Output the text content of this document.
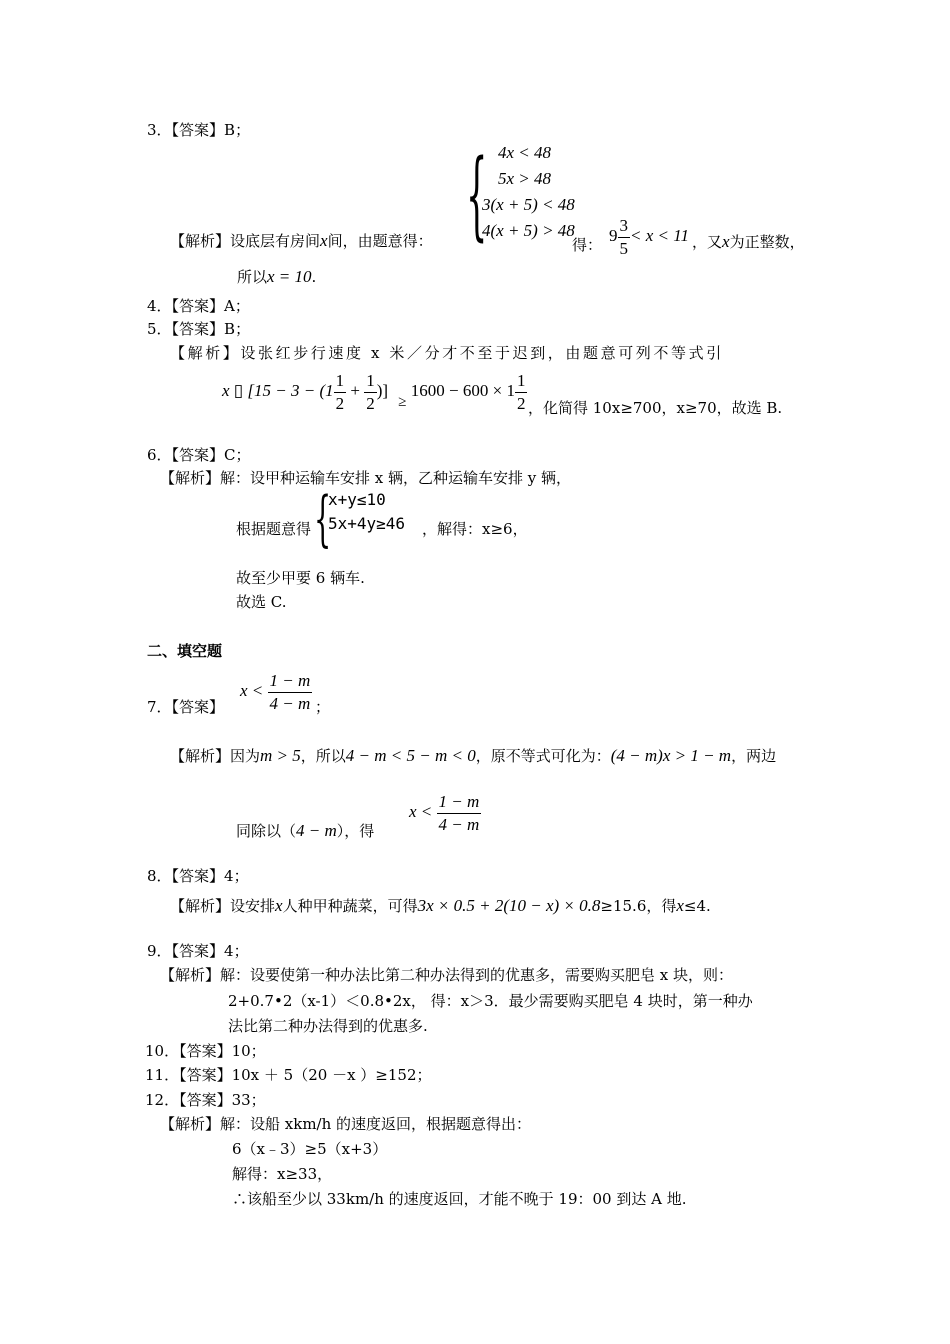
3．【答案】B；
{ 4x < 48
5x > 48
3(x + 5) < 48
4(x + 5) > 48
【解析】设底层有房间x间，由题意得：	得： $9 \frac{3}{5} < x < 11$ ，又x为正整数，
所以x = 10.
4．【答案】A；
5．【答案】B；
【解析】设张红步行速度 x 米／分才不至于迟到，由题意可列不等式引
x ▯ [$15 - 3 - (1 \frac{1}{2} + \frac{1}{2}$ )] ≥ $1600 - 600 \times 1 \frac{1}{2}$ ，化简得 10x≥700，x≥70，故选 B.
6．【答案】C；
【解析】解：设甲种运输车安排 x 辆，乙种运输车安排 y 辆，
根据题意得 {
x+y≤10
5x+4y≥46 ，解得：x≥6，
故至少甲要 6 辆车.
故选 C.
二、填空题
7．【答案】
$x < \frac{1 - m}{4 - m}$ ；
【解析】因为m > 5，所以4 − m < 5 − m < 0，原不等式可化为：(4 − m)x > 1 − m，两边
同除以（4 − m），得
$x < \frac{1 - m}{4 - m}$
8．【答案】4；
【解析】设安排x人种甲种蔬菜，可得3x × 0.5 + 2(10 − x) × 0.8≥15.6，得x≤4.
9．【答案】4；
【解析】解：设要使第一种办法比第二种办法得到的优惠多，需要购买肥皂 x 块，则：
2+0.7•2（x-1）＜0.8•2x， 得：x＞3．最少需要购买肥皂 4 块时，第一种办
法比第二种办法得到的优惠多.
10．【答案】10；
11．【答案】10x ＋ 5（20 －x ）≥152；
12．【答案】33；
【解析】解：设船 xkm/h 的速度返回，根据题意得出：
6（x﹣3）≥5（x+3）
解得：x≥33，
∴该船至少以 33km/h 的速度返回，才能不晚于 19：00 到达 A 地.
